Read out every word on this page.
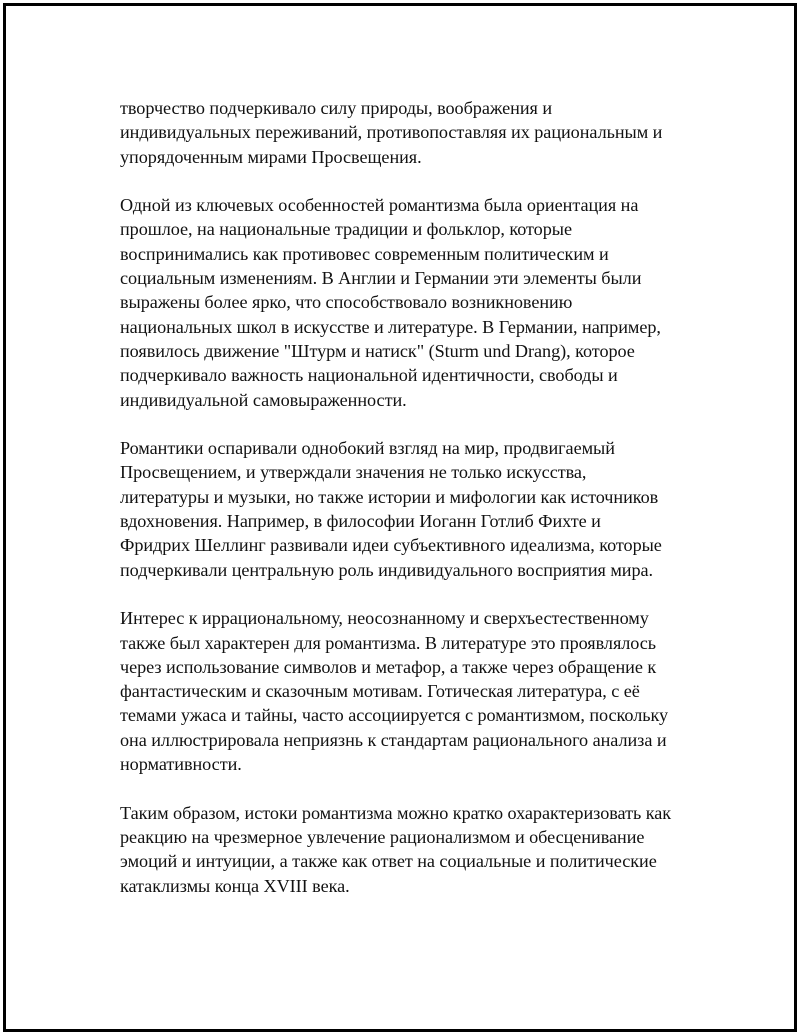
творчество подчеркивало силу природы, воображения и
индивидуальных переживаний, противопоставляя их рациональным и
упорядоченным мирами Просвещения.

Одной из ключевых особенностей романтизма была ориентация на
прошлое, на национальные традиции и фольклор, которые
воспринимались как противовес современным политическим и
социальным изменениям. В Англии и Германии эти элементы были
выражены более ярко, что способствовало возникновению
национальных школ в искусстве и литературе. В Германии, например,
появилось движение "Штурм и натиск" (Sturm und Drang), которое
подчеркивало важность национальной идентичности, свободы и
индивидуальной самовыраженности.

Романтики оспаривали однобокий взгляд на мир, продвигаемый
Просвещением, и утверждали значения не только искусства,
литературы и музыки, но также истории и мифологии как источников
вдохновения. Например, в философии Иоганн Готлиб Фихте и
Фридрих Шеллинг развивали идеи субъективного идеализма, которые
подчеркивали центральную роль индивидуального восприятия мира.

Интерес к иррациональному, неосознанному и сверхъестественному
также был характерен для романтизма. В литературе это проявлялось
через использование символов и метафор, а также через обращение к
фантастическим и сказочным мотивам. Готическая литература, с её
темами ужаса и тайны, часто ассоциируется с романтизмом, поскольку
она иллюстрировала неприязнь к стандартам рационального анализа и
нормативности.

Таким образом, истоки романтизма можно кратко охарактеризовать как
реакцию на чрезмерное увлечение рационализмом и обесценивание
эмоций и интуиции, а также как ответ на социальные и политические
катаклизмы конца XVIII века.
